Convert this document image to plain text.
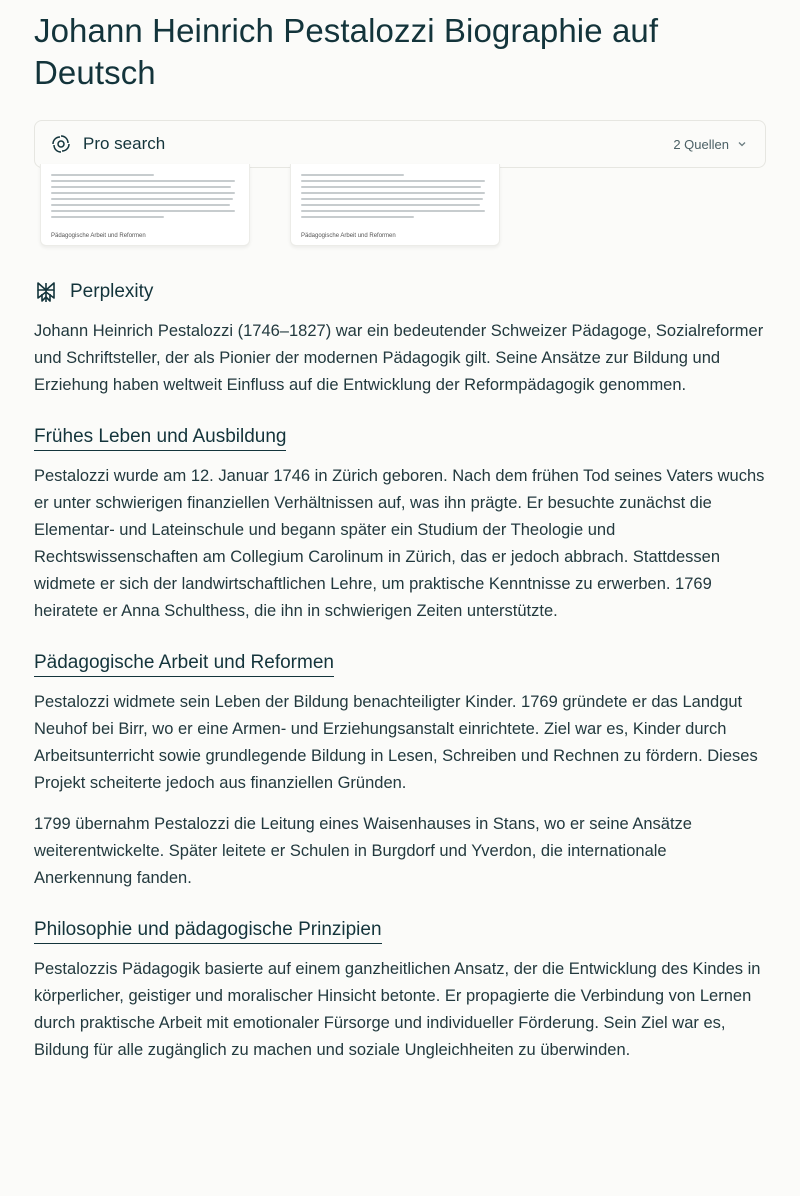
Johann Heinrich Pestalozzi Biographie auf Deutsch
Pro search	2 Quellen
Pädagogische Arbeit und Reformen	Pädagogische Arbeit und Reformen
Perplexity

Johann Heinrich Pestalozzi (1746–1827) war ein bedeutender Schweizer Pädagoge, Sozialreformer und Schriftsteller, der als Pionier der modernen Pädagogik gilt. Seine Ansätze zur Bildung und Erziehung haben weltweit Einfluss auf die Entwicklung der Reformpädagogik genommen.

Frühes Leben und Ausbildung

Pestalozzi wurde am 12. Januar 1746 in Zürich geboren. Nach dem frühen Tod seines Vaters wuchs er unter schwierigen finanziellen Verhältnissen auf, was ihn prägte. Er besuchte zunächst die Elementar- und Lateinschule und begann später ein Studium der Theologie und Rechtswissenschaften am Collegium Carolinum in Zürich, das er jedoch abbrach. Stattdessen widmete er sich der landwirtschaftlichen Lehre, um praktische Kenntnisse zu erwerben. 1769 heiratete er Anna Schulthess, die ihn in schwierigen Zeiten unterstützte.

Pädagogische Arbeit und Reformen

Pestalozzi widmete sein Leben der Bildung benachteiligter Kinder. 1769 gründete er das Landgut Neuhof bei Birr, wo er eine Armen- und Erziehungsanstalt einrichtete. Ziel war es, Kinder durch Arbeitsunterricht sowie grundlegende Bildung in Lesen, Schreiben und Rechnen zu fördern. Dieses Projekt scheiterte jedoch aus finanziellen Gründen.

1799 übernahm Pestalozzi die Leitung eines Waisenhauses in Stans, wo er seine Ansätze weiterentwickelte. Später leitete er Schulen in Burgdorf und Yverdon, die internationale Anerkennung fanden.

Philosophie und pädagogische Prinzipien

Pestalozzis Pädagogik basierte auf einem ganzheitlichen Ansatz, der die Entwicklung des Kindes in körperlicher, geistiger und moralischer Hinsicht betonte. Er propagierte die Verbindung von Lernen durch praktische Arbeit mit emotionaler Fürsorge und individueller Förderung. Sein Ziel war es, Bildung für alle zugänglich zu machen und soziale Ungleichheiten zu überwinden.
